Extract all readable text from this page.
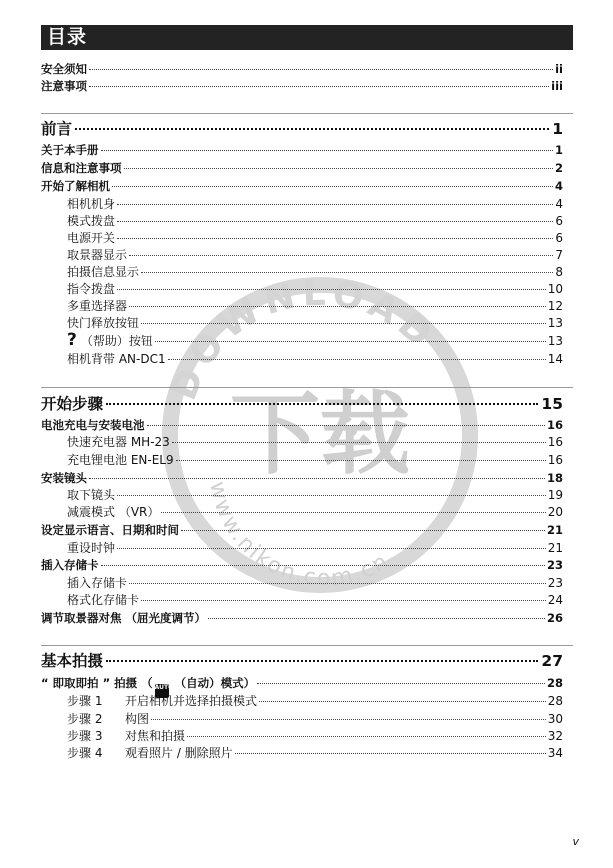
DOWNLOAD
下载
www.nikon.com.cn
目录
安全须知	ii
注意事项	iii
前言	1
关于本手册	1
信息和注意事项	2
开始了解相机	4
相机机身	4
模式拨盘	6
电源开关	6
取景器显示	7
拍摄信息显示	8
指令拨盘	10
多重选择器	12
快门释放按钮	13
? （帮助）按钮	13
相机背带 AN-DC1	14
开始步骤	15
电池充电与安装电池	16
快速充电器 MH-23	16
充电锂电池 EN-EL9	16
安装镜头	18
取下镜头	19
减震模式 （VR）	20
设定显示语言、日期和时间	21
重设时钟	21
插入存储卡	23
插入存储卡	23
格式化存储卡	24
调节取景器对焦 （屈光度调节）	26
基本拍摄	27
“ 即取即拍 ” 拍摄 （ AUTO （自动）模式）	28
步骤 1 开启相机并选择拍摄模式	28
步骤 2 构图	30
步骤 3 对焦和拍摄	32
步骤 4 观看照片 / 删除照片	34
v
